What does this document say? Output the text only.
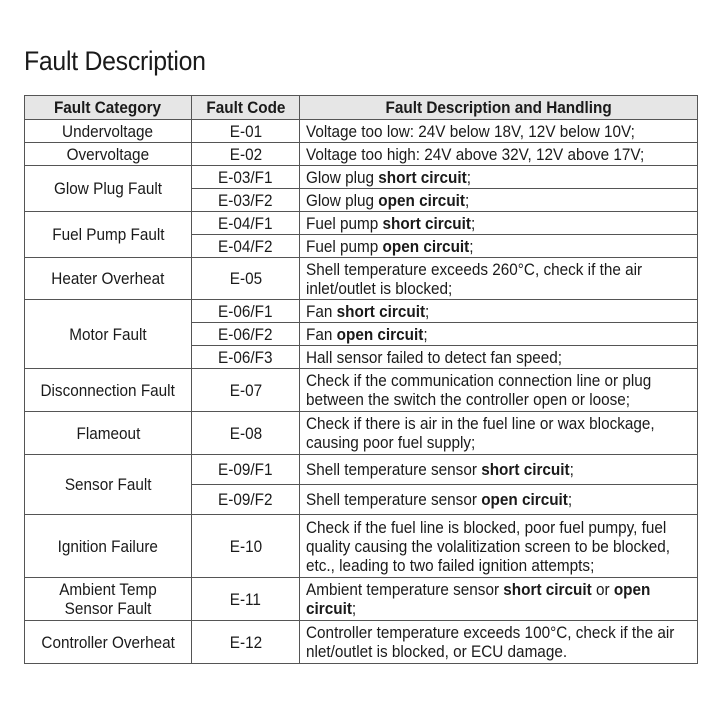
Fault Description
Fault Category	Fault Code	Fault Description and Handling
Undervoltage	E-01	Voltage too low: 24V below 18V, 12V below 10V;
Overvoltage	E-02	Voltage too high: 24V above 32V, 12V above 17V;
Glow Plug Fault	E-03/F1	Glow plug short circuit;
	E-03/F2	Glow plug open circuit;
Fuel Pump Fault	E-04/F1	Fuel pump short circuit;
	E-04/F2	Fuel pump open circuit;
Heater Overheat	E-05	Shell temperature exceeds 260°C, check if the air inlet/outlet is blocked;

Motor Fault	E-06/F1	Fan short circuit;
	E-06/F2	Fan open circuit;
	E-06/F3	Hall sensor failed to detect fan speed;
Disconnection Fault	E-07	Check if the communication connection line or plug between the switch the controller open or loose;

Flameout	E-08	Check if there is air in the fuel line or wax blockage, causing poor fuel supply;

Sensor Fault	E-09/F1	Shell temperature sensor short circuit;
	E-09/F2	Shell temperature sensor open circuit;
Ignition Failure	E-10	Check if the fuel line is blocked, poor fuel pumpy, fuel quality causing the volalitization screen to be blocked, etc., leading to two failed ignition attempts;

Ambient Temp Sensor Fault	E-11	Ambient temperature sensor short circuit or open circuit;

Controller Overheat	E-12	Controller temperature exceeds 100°C, check if the air nlet/outlet is blocked, or ECU damage.
